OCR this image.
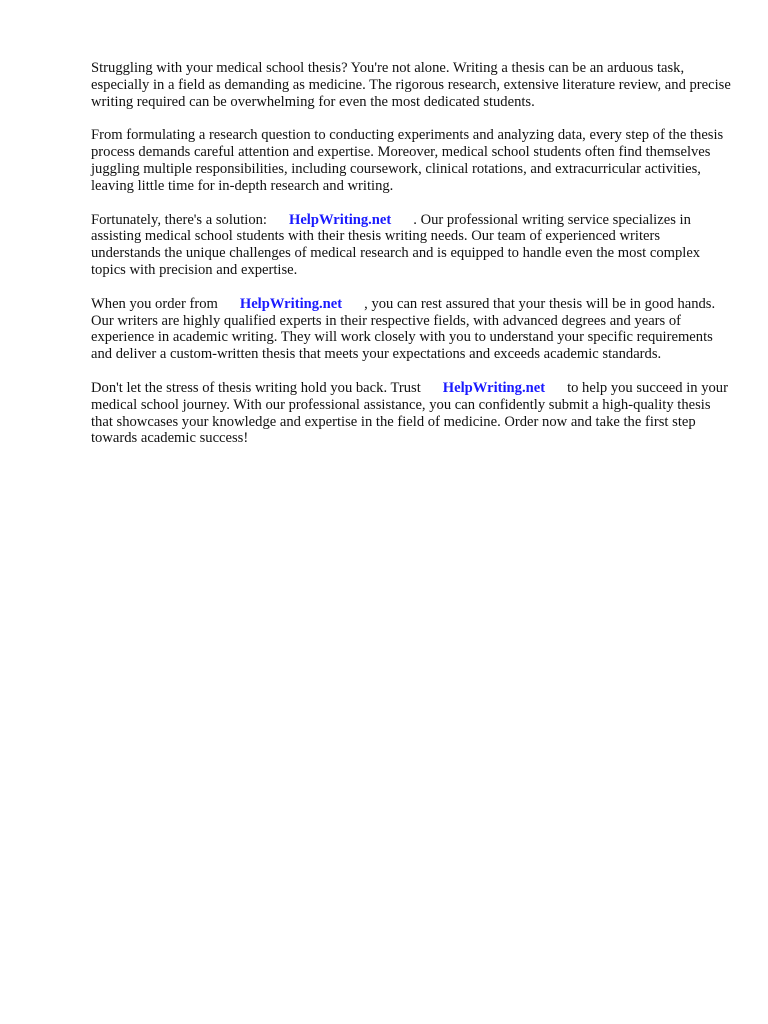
Struggling with your medical school thesis? You're not alone. Writing a thesis can be an arduous task, especially in a field as demanding as medicine. The rigorous research, extensive literature review, and precise writing required can be overwhelming for even the most dedicated students.

From formulating a research question to conducting experiments and analyzing data, every step of the thesis process demands careful attention and expertise. Moreover, medical school students often find themselves juggling multiple responsibilities, including coursework, clinical rotations, and extracurricular activities, leaving little time for in-depth research and writing.

Fortunately, there's a solution: HelpWriting.net . Our professional writing service specializes in assisting medical school students with their thesis writing needs. Our team of experienced writers understands the unique challenges of medical research and is equipped to handle even the most complex topics with precision and expertise.

When you order from HelpWriting.net , you can rest assured that your thesis will be in good hands. Our writers are highly qualified experts in their respective fields, with advanced degrees and years of experience in academic writing. They will work closely with you to understand your specific requirements and deliver a custom-written thesis that meets your expectations and exceeds academic standards.

Don't let the stress of thesis writing hold you back. Trust HelpWriting.net to help you succeed in your medical school journey. With our professional assistance, you can confidently submit a high-quality thesis that showcases your knowledge and expertise in the field of medicine. Order now and take the first step towards academic success!
